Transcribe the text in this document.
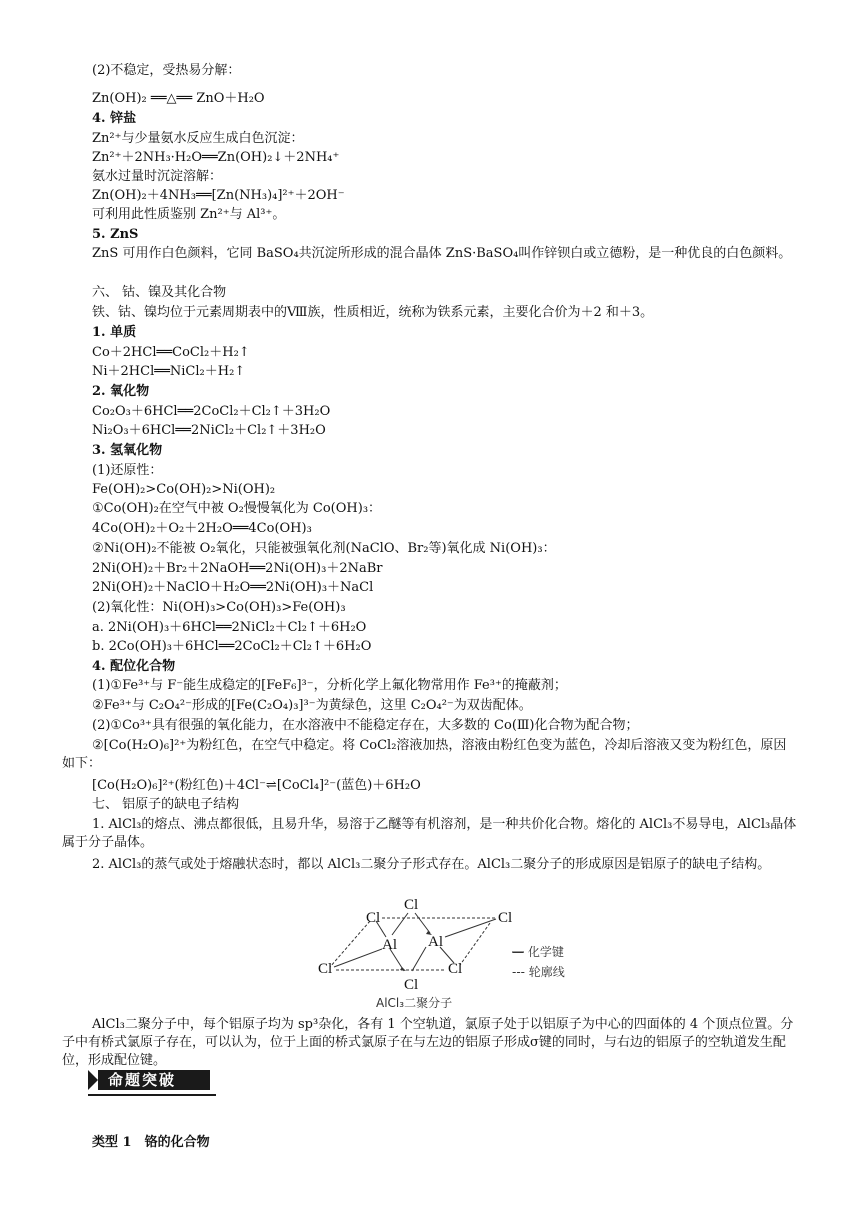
(2)不稳定，受热易分解：
Zn(OH)₂ ══△══ ZnO＋H₂O
4. 锌盐
Zn²⁺与少量氨水反应生成白色沉淀：
Zn²⁺＋2NH₃·H₂O══Zn(OH)₂↓＋2NH₄⁺
氨水过量时沉淀溶解：
Zn(OH)₂＋4NH₃══[Zn(NH₃)₄]²⁺＋2OH⁻
可利用此性质鉴别 Zn²⁺与 Al³⁺。
5. ZnS
ZnS 可用作白色颜料，它同 BaSO₄共沉淀所形成的混合晶体 ZnS·BaSO₄叫作锌钡白或立德粉，是一种优良的白色颜料。
六、 钴、镍及其化合物
铁、钴、镍均位于元素周期表中的Ⅷ族，性质相近，统称为铁系元素，主要化合价为＋2 和＋3。
1. 单质
Co＋2HCl══CoCl₂＋H₂↑
Ni＋2HCl══NiCl₂＋H₂↑
2. 氧化物
Co₂O₃＋6HCl══2CoCl₂＋Cl₂↑＋3H₂O
Ni₂O₃＋6HCl══2NiCl₂＋Cl₂↑＋3H₂O
3. 氢氧化物
(1)还原性：
Fe(OH)₂>Co(OH)₂>Ni(OH)₂
①Co(OH)₂在空气中被 O₂慢慢氧化为 Co(OH)₃：
4Co(OH)₂＋O₂＋2H₂O══4Co(OH)₃
②Ni(OH)₂不能被 O₂氧化，只能被强氧化剂(NaClO、Br₂等)氧化成 Ni(OH)₃：
2Ni(OH)₂＋Br₂＋2NaOH══2Ni(OH)₃＋2NaBr
2Ni(OH)₂＋NaClO＋H₂O══2Ni(OH)₃＋NaCl
(2)氧化性：Ni(OH)₃>Co(OH)₃>Fe(OH)₃
a. 2Ni(OH)₃＋6HCl══2NiCl₂＋Cl₂↑＋6H₂O
b. 2Co(OH)₃＋6HCl══2CoCl₂＋Cl₂↑＋6H₂O
4. 配位化合物
(1)①Fe³⁺与 F⁻能生成稳定的[FeF₆]³⁻，分析化学上氟化物常用作 Fe³⁺的掩蔽剂；
②Fe³⁺与 C₂O₄²⁻形成的[Fe(C₂O₄)₃]³⁻为黄绿色，这里 C₂O₄²⁻为双齿配体。
(2)①Co³⁺具有很强的氧化能力，在水溶液中不能稳定存在，大多数的 Co(Ⅲ)化合物为配合物；
②[Co(H₂O)₆]²⁺为粉红色，在空气中稳定。将 CoCl₂溶液加热，溶液由粉红色变为蓝色，冷却后溶液又变为粉红色，原因如下：
[Co(H₂O)₆]²⁺(粉红色)＋4Cl⁻⇌[CoCl₄]²⁻(蓝色)＋6H₂O
七、 铝原子的缺电子结构
1. AlCl₃的熔点、沸点都很低，且易升华，易溶于乙醚等有机溶剂，是一种共价化合物。熔化的 AlCl₃不易导电，AlCl₃晶体属于分子晶体。
2. AlCl₃的蒸气或处于熔融状态时，都以 AlCl₃二聚分子形式存在。AlCl₃二聚分子的形成原因是铝原子的缺电子结构。
Cl
Cl	Cl
Al Al
Cl	Cl
Cl
— 化学键
--- 轮廓线
AlCl₃二聚分子
AlCl₃二聚分子中，每个铝原子均为 sp³杂化，各有 1 个空轨道，氯原子处于以铝原子为中心的四面体的 4 个顶点位置。分子中有桥式氯原子存在，可以认为，位于上面的桥式氯原子在与左边的铝原子形成σ键的同时，与右边的铝原子的空轨道发生配位，形成配位键。
命题突破
类型 1　铬的化合物
